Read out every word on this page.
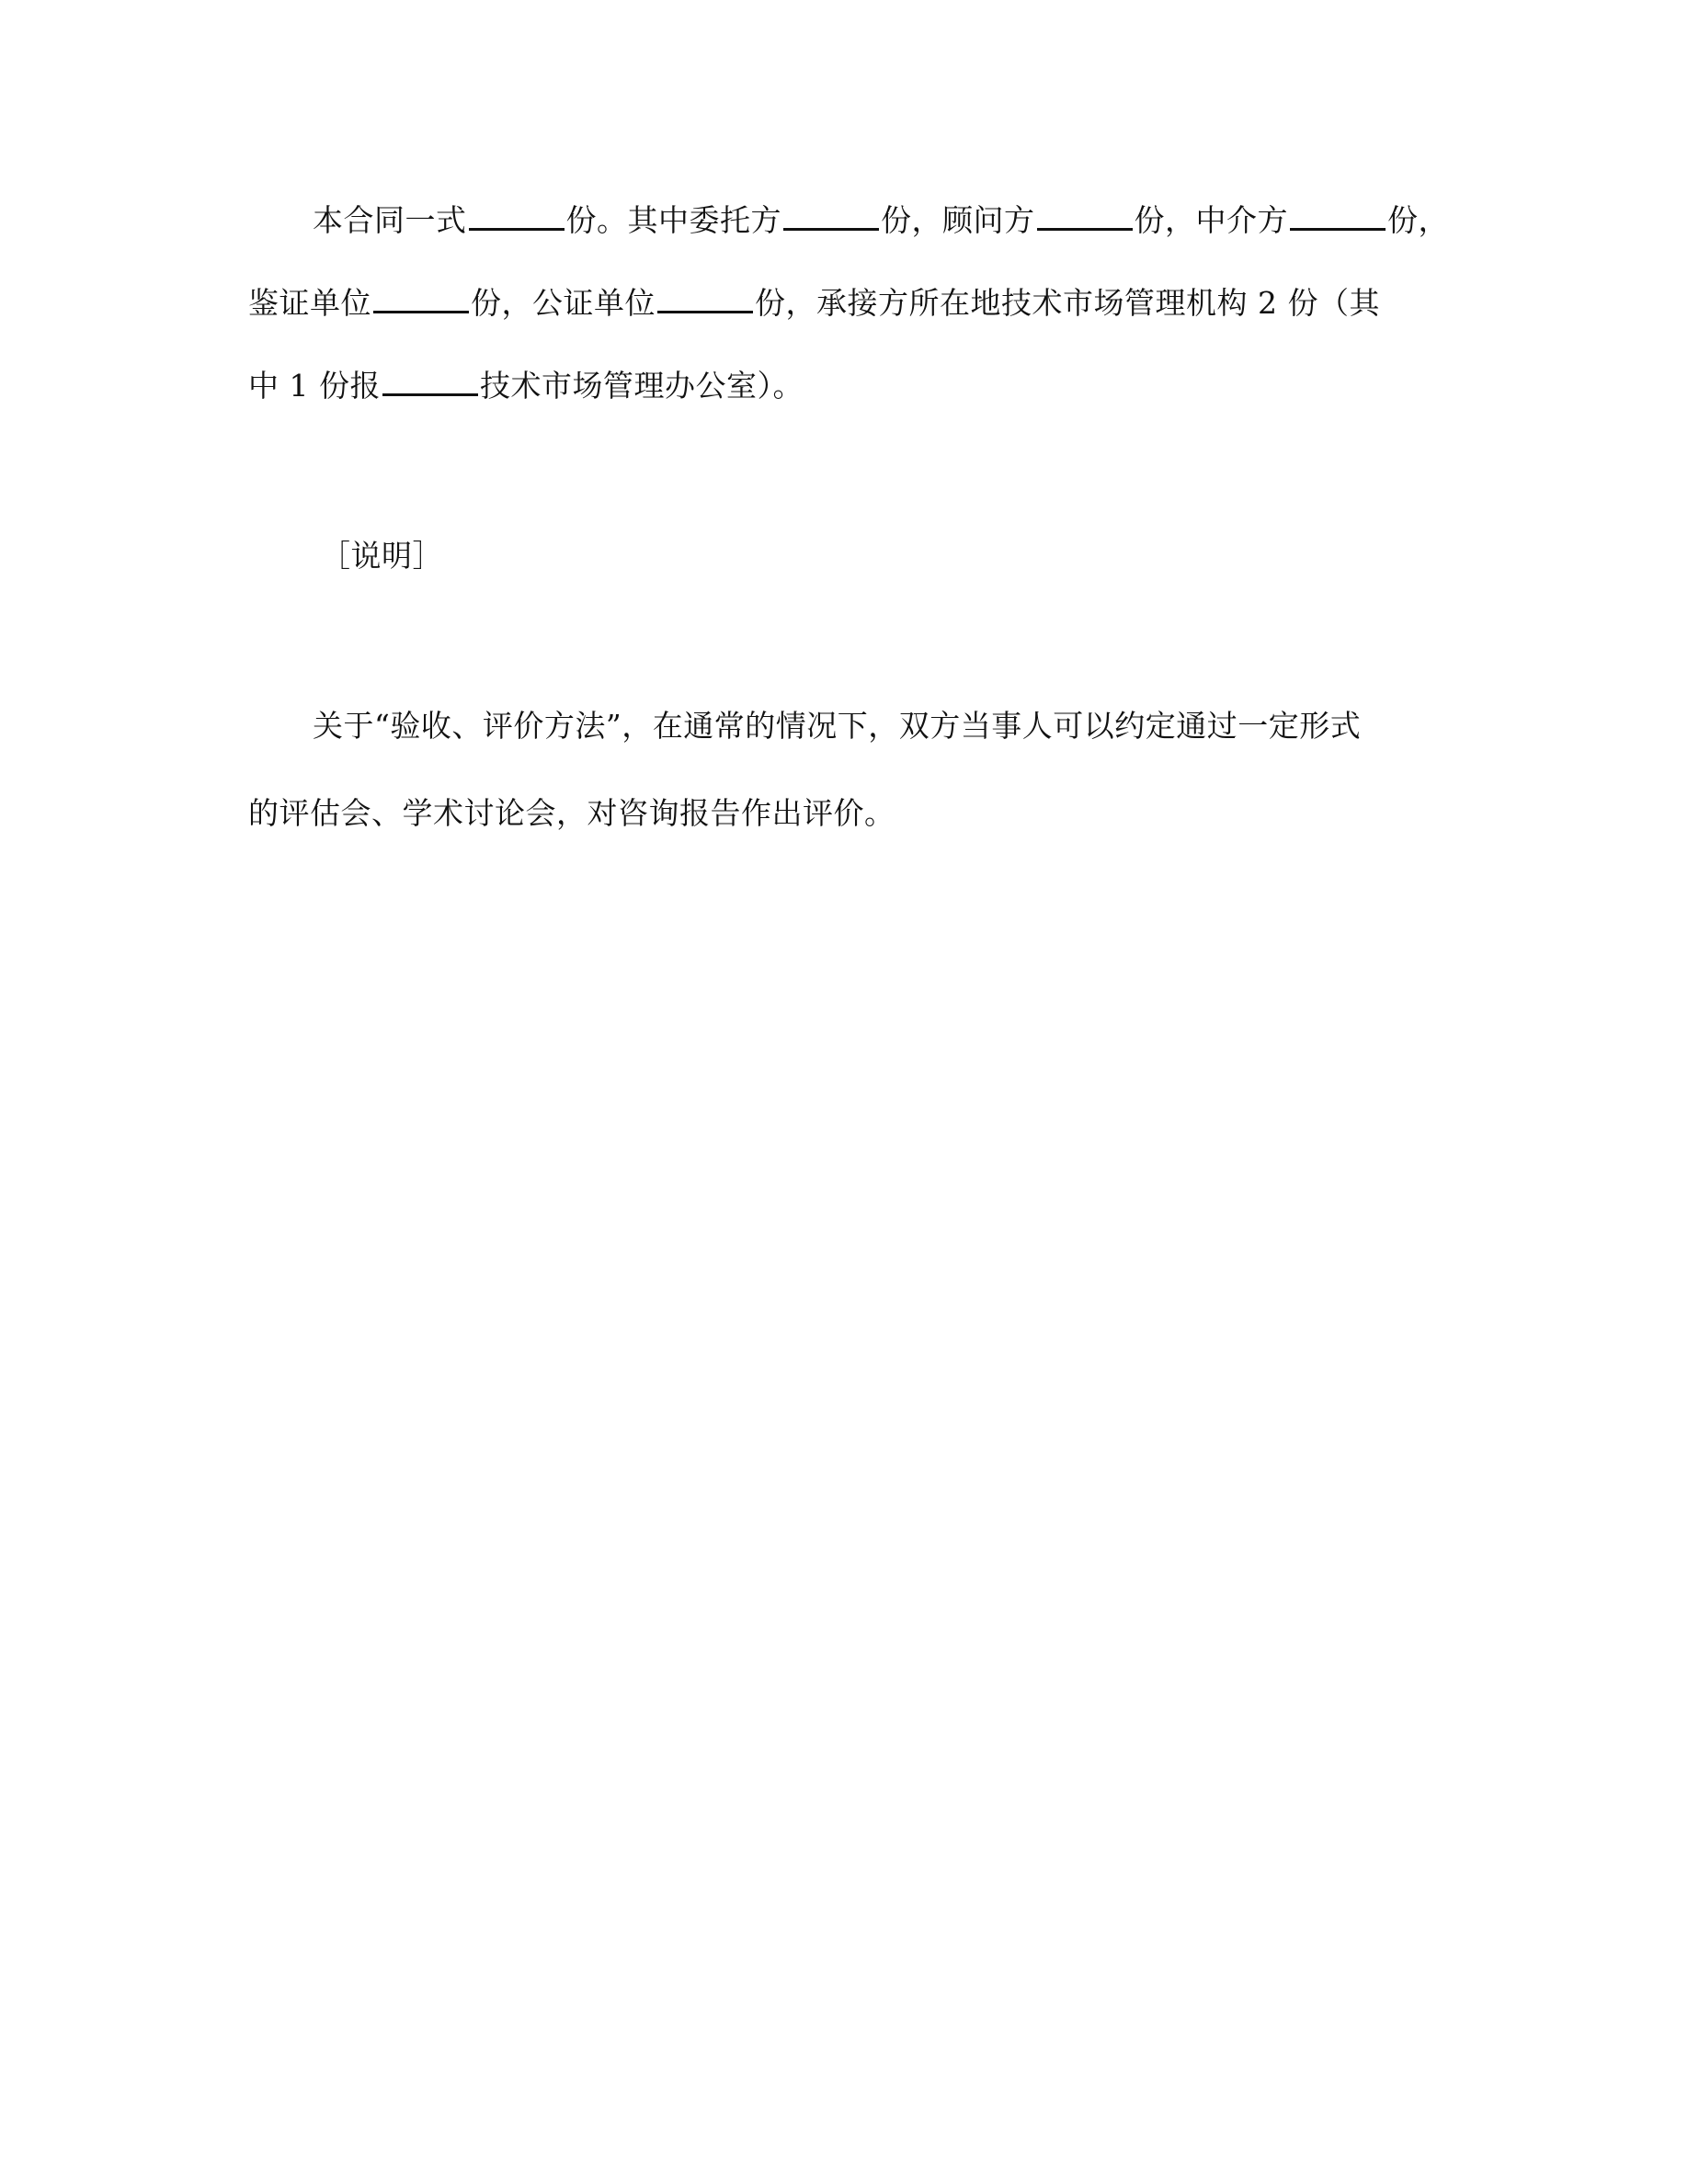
本合同一式	份。其中委托方	份，顾问方	份，中介方	份，
鉴证单位	份，公证单位	份，承接方所在地技术市场管理机构 2 份（其
中 1 份报	技术市场管理办公室）。
［说明］
关于“验收、评价方法”，在通常的情况下，双方当事人可以约定通过一定形式
的评估会、学术讨论会，对咨询报告作出评价。
